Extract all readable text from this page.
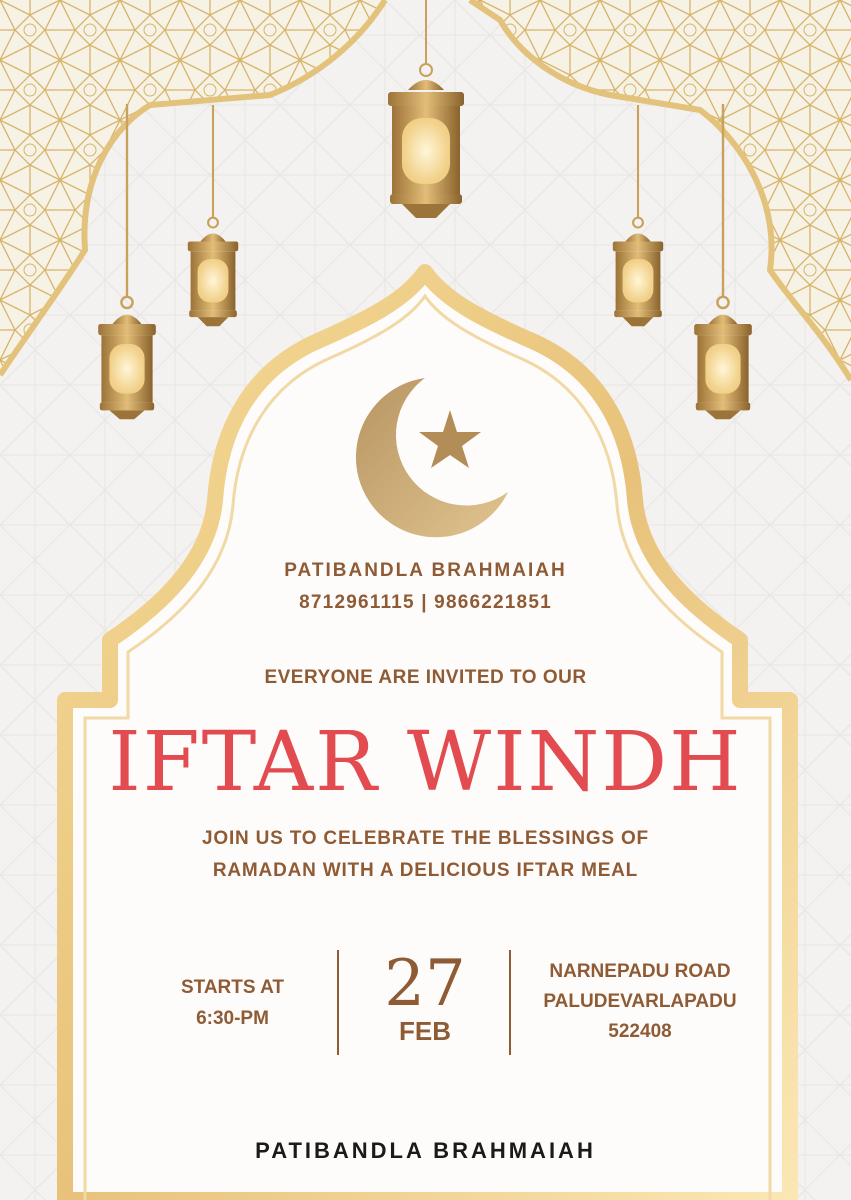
PATIBANDLA BRAHMAIAH

8712961115 | 9866221851

EVERYONE ARE INVITED TO OUR

IFTAR WINDH

JOIN US TO CELEBRATE THE BLESSINGS OF

RAMADAN WITH A DELICIOUS IFTAR MEAL

STARTS AT
6:30-PM	27
FEB
NARNEPADU ROAD
PALUDEVARLAPADU
522408

PATIBANDLA BRAHMAIAH
